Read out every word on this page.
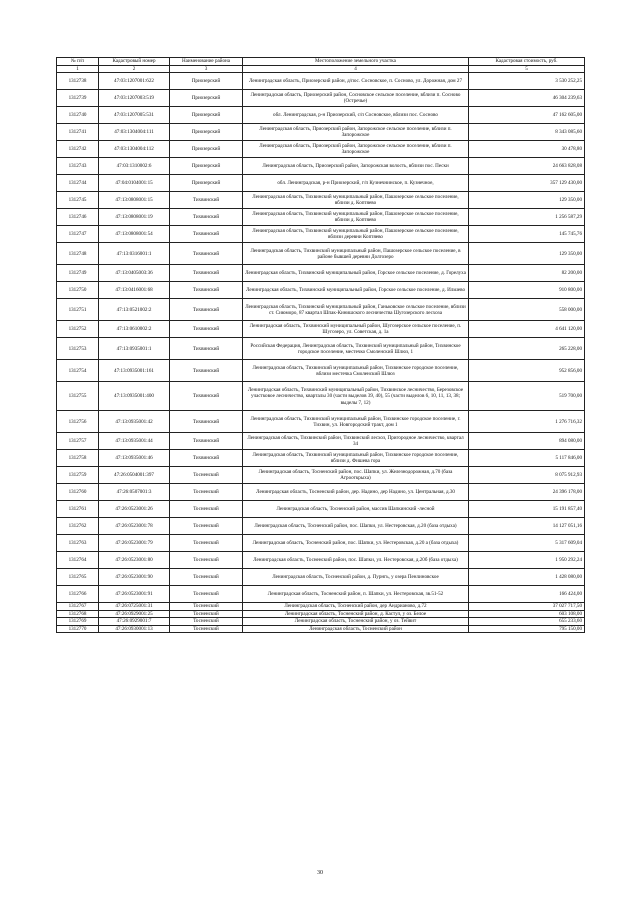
№ п/п	Кадастровый номер	Наименование района	Местоположение земельного участка	Кадастровая стоимость, руб.
1	2	3	4	5
1312738	47:03:1207001:622	Приозерский	Ленинградская область, Приозерский район, д/пос. Сосновское, п. Сосново, ул. Дорожная, дом 27	3 530 252,25
1312739	47:03:1207003:519	Приозерский	Ленинградская область, Приозерский район, Сосновское сельское поселение, вблизи п. Сосново (Остречье)	46 304 239,63
1312740	47:03:1207005:531	Приозерский	обл. Ленинградская, р-н Приозерский, с/п Сосновское, вблизи пос. Сосново	47 162 605,00
1312741	47:03:1304004:111	Приозерский	Ленинградская область, Приозерский район, Запорожское сельское поселение, вблизи п. Запорожское	8 343 085,60
1312742	47:03:1304004:112	Приозерский	Ленинградская область, Приозерский район, Запорожское сельское поселение, вблизи п. Запорожское	30 478,80
1312743	47:03:1310002:6	Приозерский	Ленинградская область, Приозерский район, Запорожская волость, вблизи пос. Пески	24 663 828,08
1312744	47:04:0104001:15	Приозерский	обл. Ленинградская, р-н Приозерский, г/п Кузнечнинское, п. Кузнечное,	357 129 430,00
1312745	47:13:0808001:15	Тихвинский	Ленинградская область, Тихвинский муниципальный район, Пашозерское сельское поселение, вблизи д. Коптяево	129 350,00
1312746	47:13:0808001:19	Тихвинский	Ленинградская область, Тихвинский муниципальный район, Пашозерское сельское поселение, вблизи д. Коптяево	1 256 587,29
1312747	47:13:0808001:54	Тихвинский	Ленинградская область, Тихвинский муниципальный район, Пашозерское сельское поселение, вблизи деревни Коптяево	145 745,76
1312748	47:13:0316001:1	Тихвинский	Ленинградская область, Тихвинский муниципальный район, Пашозерское сельское поселение, в районе бывшей деревни Долгозеро	129 350,00
1312749	47:13:0405003:36	Тихвинский	Ленинградская область, Тихвинский муниципальный район, Горское сельское поселение, д. Горелуха	82 200,00
1312750	47:13:0416001:68	Тихвинский	Ленинградская область, Тихвинский муниципальный район, Горское сельское поселение, д. Ильчево	910 800,00
1312751	47:13:0521002:2	Тихвинский	Ленинградская область, Тихвинский муниципальный район, Ганьковское сельское поселение, вблизи ст. Сиюморо, 87 квартал Шпак-Кинишского лесничества Шугозерского лесхоза	558 000,00
1312752	47:13:0610002:2	Тихвинский	Ленинградская область, Тихвинский муниципальный район, Шугозерское сельское поселение, п. Шугозеро, ул. Советская, д. 1а	4 641 120,00
1312753	47:13:0935001:1	Тихвинский	Российская Федерация, Ленинградская область, Тихвинский муниципальный район, Тихвинское городское поселение, местечко Смоленский Шлюз, 1	265 228,00
1312754	47:13:0935001:161	Тихвинский	Ленинградская область, Тихвинский муниципальный район, Тихвинское городское поселение, вблизи местечка Смоленский Шлюз	952 856,00
1312755	47:13:0935001:400	Тихвинский	Ленинградская область, Тихвинский муниципальный район, Тихвинское лесничество, Березовское участковое лесничество, кварталы 30 (части выделов 39, 40), 55 (части выделов 6, 10, 11, 13, 38; выделы 7, 12)	519 700,00
1312756	47:13:0935001:42	Тихвинский	Ленинградская область, Тихвинский муниципальный район, Тихвинское городское поселение, г. Тихвин, ул. Новгородский тракт, дом 1	1 276 716,32
1312757	47:13:0935001:44	Тихвинский	Ленинградская область, Тихвинский район, Тихвинский лесхоз, Пригородное лесничество, квартал 34	894 080,00
1312758	47:13:0935001:46	Тихвинский	Ленинградская область, Тихвинский муниципальный район, Тихвинское городское поселение, вблизи д. Фишева гора	5 117 846,00
1312759	47:26:0504001:397	Тосненский	Ленинградская область, Тосненский район, пос. Шапки, ул. Железнодорожная, д.70 (база Агрооткрыха)	8 075 912,93
1312760	47:26:0507001:3	Тосненский	Ленинградская область, Тосненский район, дер. Надино, дер Надино, ул. Центральная, д.30	24 396 178,00
1312761	47:26:0523001:26	Тосненский	Ленинградская область, Тосненский район, массив Шапкинский -лесной	15 191 857,40
1312762	47:26:0523001:78	Тосненский	Ленинградская область, Тосненский район, пос. Шапки, ул. Нестеровская, д.20 (база отдыха)	14 127 051,16
1312763	47:26:0523001:79	Тосненский	Ленинградская область, Тосненский район, пос. Шапки, ул. Нестеровская, д.20 а (база отдыха)	5 317 609,04
1312764	47:26:0523001:80	Тосненский	Ленинградская область, Тосненский район, пос. Шапки, ул. Нестеровская, д.20б (база отдыха)	1 950 292,24
1312765	47:26:0523001:90	Тосненский	Ленинградская область, Тосненский район, д. Пурнгь, у озера Пенлиновское	1 428 080,00
1312766	47:26:0523001:91	Тосненский	Ленинградская область, Тосненский район, п. Шапки, ул. Нестеровская, зв.51-52	166 424,00
1312767	47:26:0725001:31	Тосненский	Ленинградская область, Тосненский район, дер Андрианово, д.72	37 027 717,50
1312768	47:26:0929001:25	Тосненский	Ленинградская область, Тосненский район, д. Кастул, у оз. Белое	603 108,00
1312769	47:26:0929001:7	Тосненский	Ленинградская область, Тосненский район, у оз. Тейвит	655 233,60
1312770	47:26:0930001:13	Тосненский	Ленинградская область, Тосненский район	795 150,00
30
